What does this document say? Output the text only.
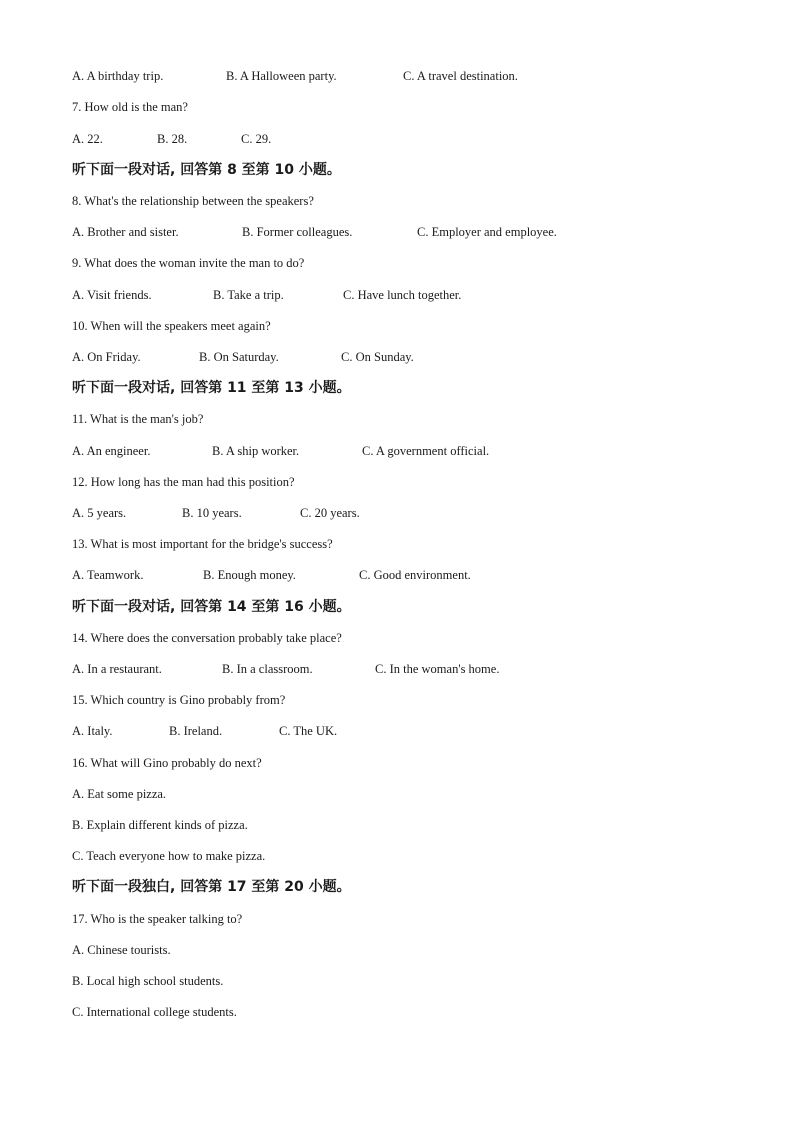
A. A birthday trip.	B. A Halloween party.	C. A travel destination.
7. How old is the man?
A. 22.	B. 28.	C. 29.
听下面一段对话, 回答第 8 至第 10 小题。
8. What's the relationship between the speakers?
A. Brother and sister.	B. Former colleagues.	C. Employer and employee.
9. What does the woman invite the man to do?
A. Visit friends.	B. Take a trip.	C. Have lunch together.
10. When will the speakers meet again?
A. On Friday.	B. On Saturday.	C. On Sunday.
听下面一段对话, 回答第 11 至第 13 小题。
11. What is the man's job?
A. An engineer.	B. A ship worker.	C. A government official.
12. How long has the man had this position?
A. 5 years.	B. 10 years.	C. 20 years.
13. What is most important for the bridge's success?
A. Teamwork.	B. Enough money.	C. Good environment.
听下面一段对话, 回答第 14 至第 16 小题。
14. Where does the conversation probably take place?
A. In a restaurant.	B. In a classroom.	C. In the woman's home.
15. Which country is Gino probably from?
A. Italy.	B. Ireland.	C. The UK.
16. What will Gino probably do next?
A. Eat some pizza.
B. Explain different kinds of pizza.
C. Teach everyone how to make pizza.
听下面一段独白, 回答第 17 至第 20 小题。
17. Who is the speaker talking to?
A. Chinese tourists.
B. Local high school students.
C. International college students.
